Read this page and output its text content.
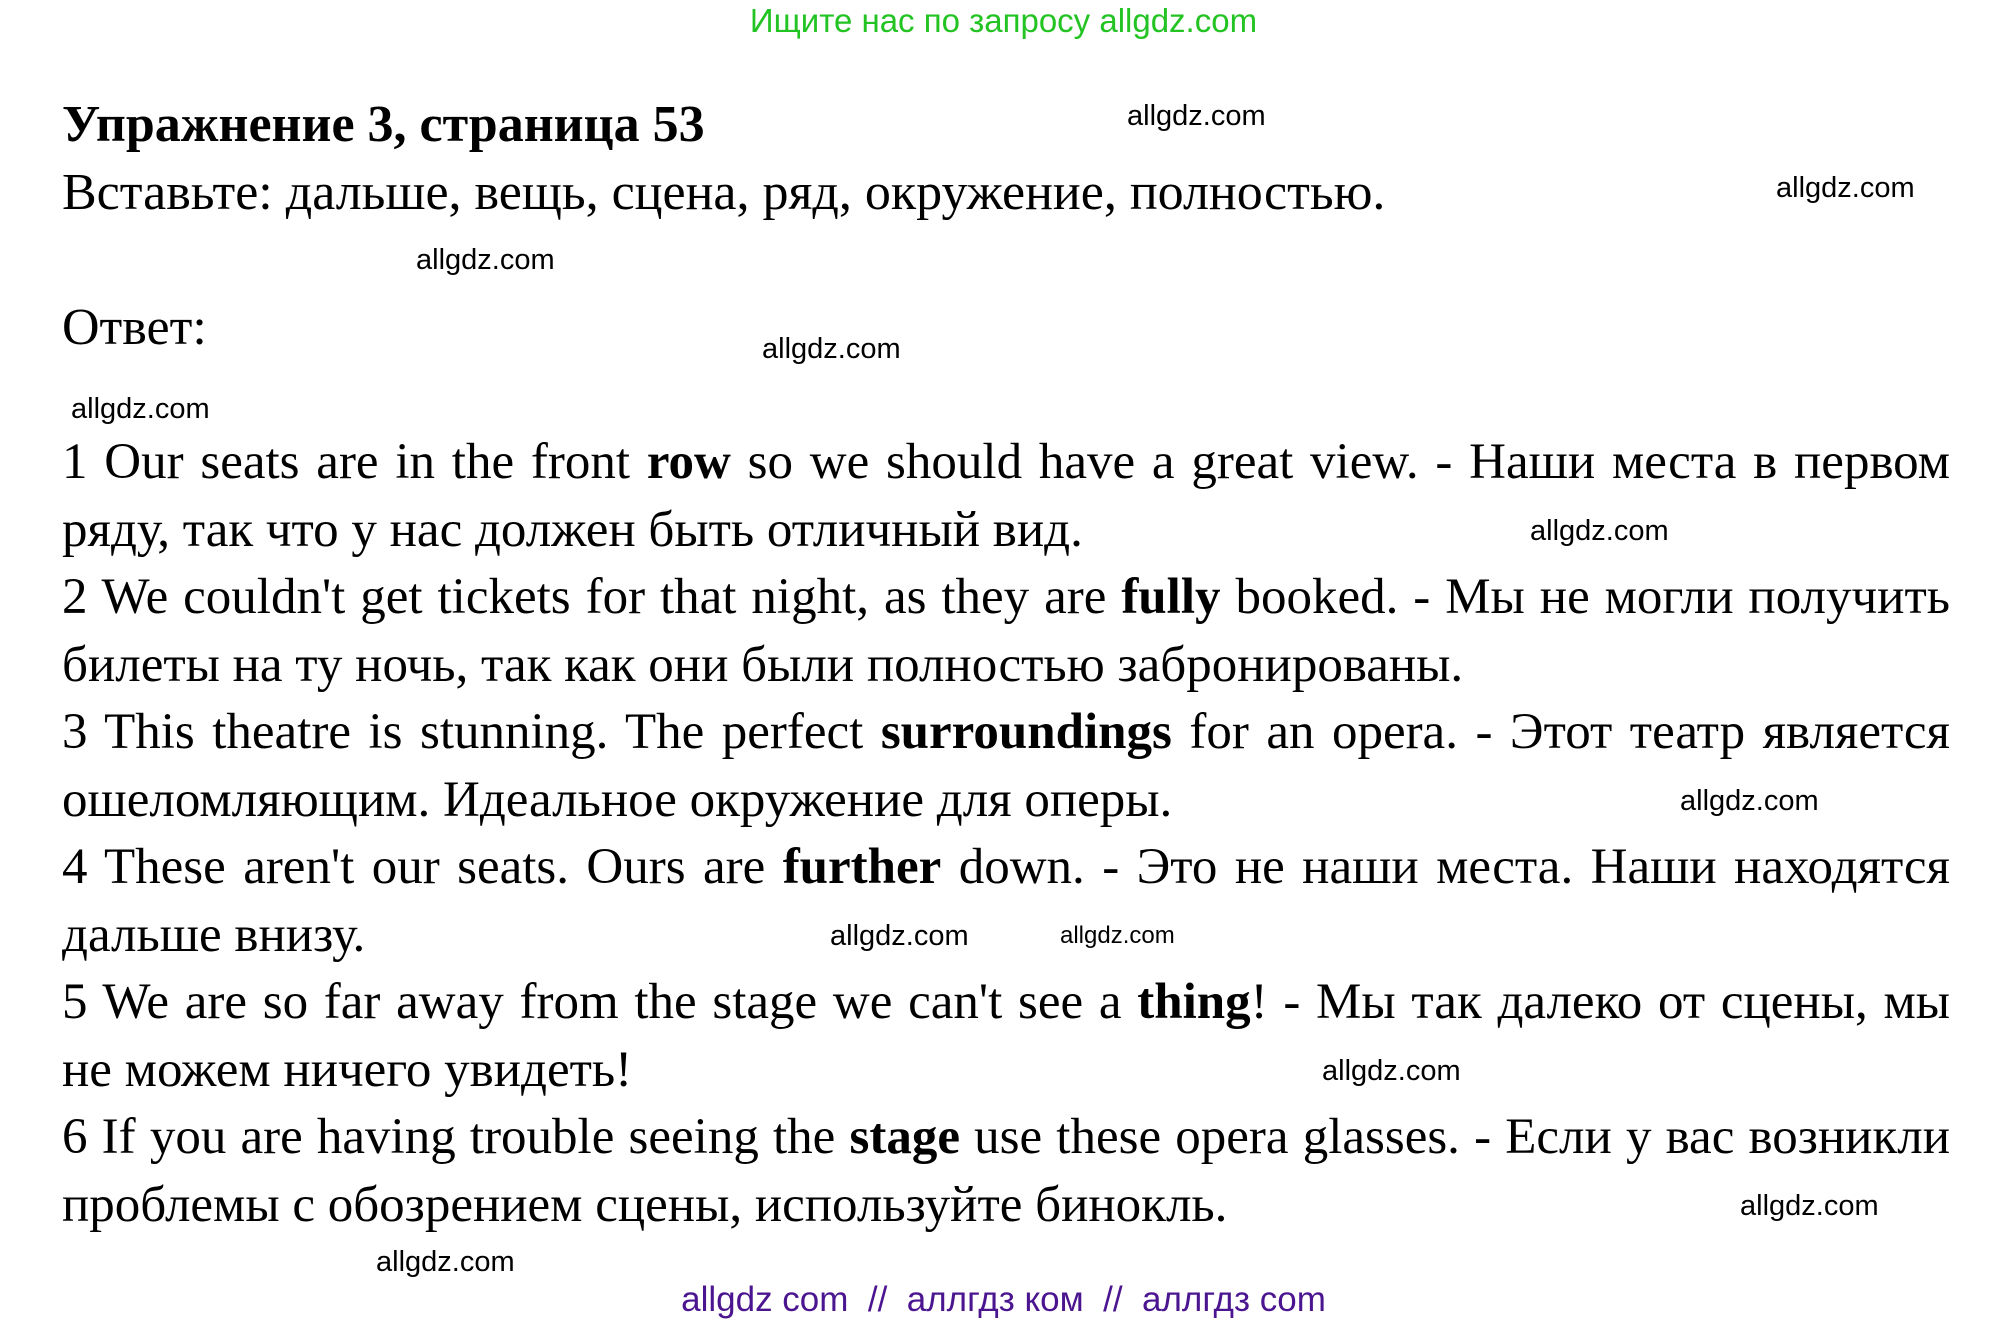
Ищите нас по запросу allgdz.com
Упражнение 3, страница 53
Вставьте: дальше, вещь, сцена, ряд, окружение, полностью.
Ответ:

1 Our seats are in the front row so we should have a great view. - Наши места в первом ряду, так что у нас должен быть отличный вид.

2 We couldn't get tickets for that night, as they are fully booked. - Мы не могли получить билеты на ту ночь, так как они были полностью забронированы.

3 This theatre is stunning. The perfect surroundings for an opera. - Этот театр является ошеломляющим. Идеальное окружение для оперы.

4 These aren't our seats. Ours are further down. - Это не наши места. Наши находятся дальше внизу.

5 We are so far away from the stage we can't see a thing! - Мы так далеко от сцены, мы не можем ничего увидеть!

6 If you are having trouble seeing the stage use these opera glasses. - Если у вас возникли проблемы с обозрением сцены, используйте бинокль.

allgdz.com
allgdz.com
allgdz.com
allgdz.com
allgdz.com
allgdz.com
allgdz.com
allgdz.com	allgdz.com
allgdz.com
allgdz.com
allgdz.com
allgdz com  //  аллгдз ком  //  аллгдз com
